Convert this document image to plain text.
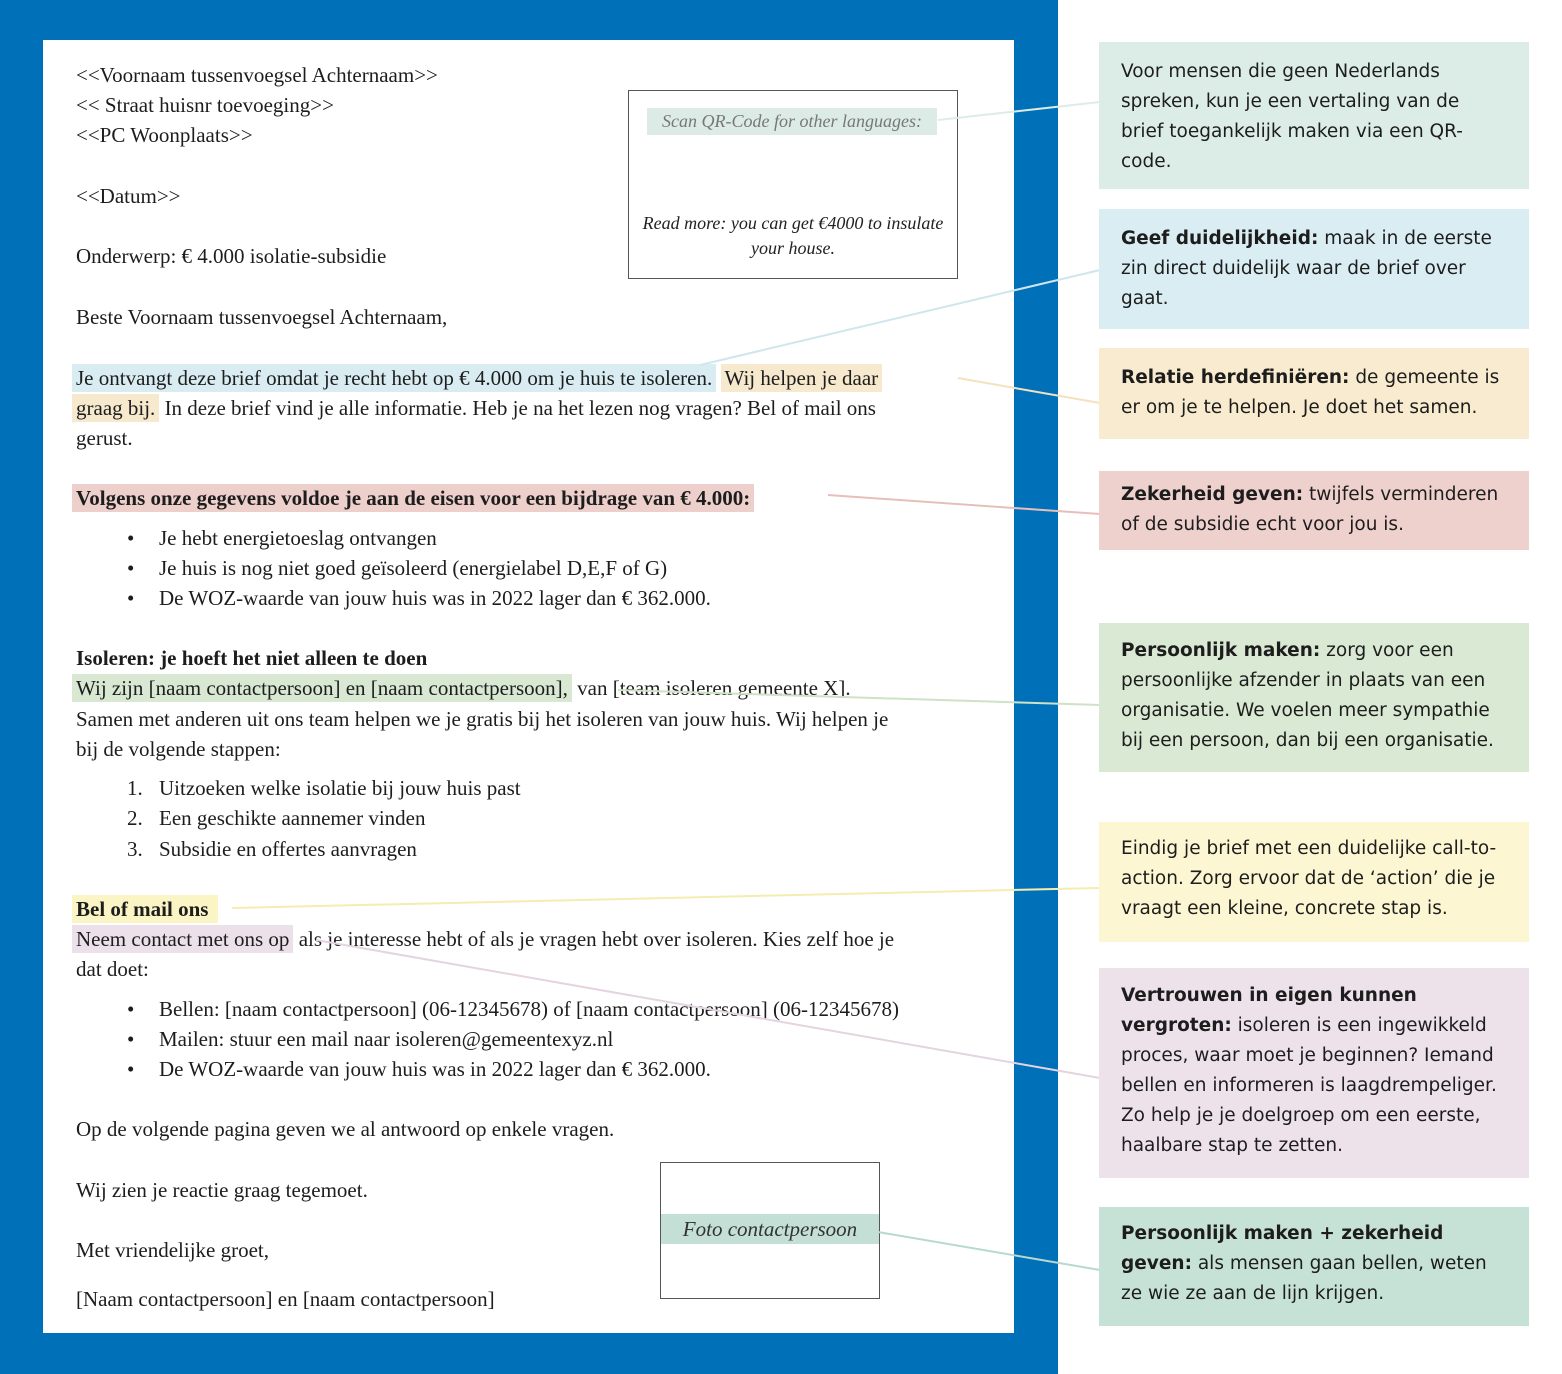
<<Voornaam tussenvoegsel Achternaam>>
<< Straat huisnr toevoeging>>
<<PC Woonplaats>>
<<Datum>>
Onderwerp: € 4.000 isolatie-subsidie
Beste Voornaam tussenvoegsel Achternaam,
Je ontvangt deze brief omdat je recht hebt op € 4.000 om je huis te isoleren. Wij helpen je daar
graag bij. In deze brief vind je alle informatie. Heb je na het lezen nog vragen? Bel of mail ons
gerust.
Volgens onze gegevens voldoe je aan de eisen voor een bijdrage van € 4.000:
• Je hebt energietoeslag ontvangen
• Je huis is nog niet goed geïsoleerd (energielabel D,E,F of G)
• De WOZ-waarde van jouw huis was in 2022 lager dan € 362.000.
Isoleren: je hoeft het niet alleen te doen
Wij zijn [naam contactpersoon] en [naam contactpersoon], van [team isoleren gemeente X].
Samen met anderen uit ons team helpen we je gratis bij het isoleren van jouw huis. Wij helpen je
bij de volgende stappen:
1. Uitzoeken welke isolatie bij jouw huis past
2. Een geschikte aannemer vinden
3. Subsidie en offertes aanvragen
Bel of mail ons
Neem contact met ons op als je interesse hebt of als je vragen hebt over isoleren. Kies zelf hoe je
dat doet:
• Bellen: [naam contactpersoon] (06-12345678) of [naam contactpersoon] (06-12345678)
• Mailen: stuur een mail naar isoleren@gemeentexyz.nl
• De WOZ-waarde van jouw huis was in 2022 lager dan € 362.000.
Op de volgende pagina geven we al antwoord op enkele vragen.
Wij zien je reactie graag tegemoet.
Met vriendelijke groet,
[Naam contactpersoon] en [naam contactpersoon]
Scan QR-Code for other languages:
Read more: you can get €4000 to insulate your house.
Foto contactpersoon
Voor mensen die geen Nederlands spreken, kun je een vertaling van de brief toegankelijk maken via een QR-code.
Geef duidelijkheid: maak in de eerste zin direct duidelijk waar de brief over gaat.
Relatie herdefiniëren: de gemeente is er om je te helpen. Je doet het samen.
Zekerheid geven: twijfels verminderen of de subsidie echt voor jou is.
Persoonlijk maken: zorg voor een persoonlijke afzender in plaats van een organisatie. We voelen meer sympathie bij een persoon, dan bij een organisatie.
Eindig je brief met een duidelijke call-to-action. Zorg ervoor dat de ‘action’ die je vraagt een kleine, concrete stap is.
Vertrouwen in eigen kunnen vergroten: isoleren is een ingewikkeld proces, waar moet je beginnen? Iemand bellen en informeren is laagdrempeliger. Zo help je je doelgroep om een eerste, haalbare stap te zetten.
Persoonlijk maken + zekerheid geven: als mensen gaan bellen, weten ze wie ze aan de lijn krijgen.
